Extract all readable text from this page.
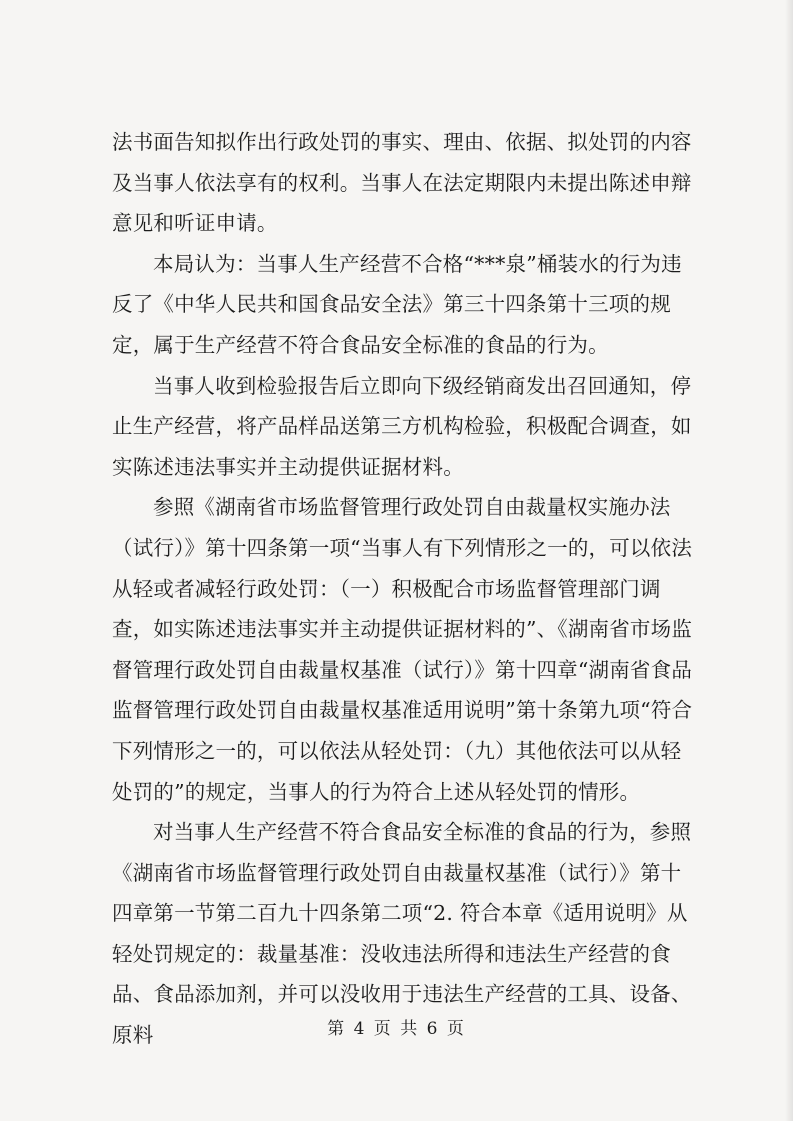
法书面告知拟作出行政处罚的事实、理由、依据、拟处罚的内容及当事人依法享有的权利。当事人在法定期限内未提出陈述申辩意见和听证申请。

本局认为：当事人生产经营不合格“***泉”桶装水的行为违反了《中华人民共和国食品安全法》第三十四条第十三项的规定，属于生产经营不符合食品安全标准的食品的行为。

当事人收到检验报告后立即向下级经销商发出召回通知，停止生产经营，将产品样品送第三方机构检验，积极配合调查，如实陈述违法事实并主动提供证据材料。

参照《湖南省市场监督管理行政处罚自由裁量权实施办法（试行）》第十四条第一项“当事人有下列情形之一的，可以依法从轻或者减轻行政处罚：（一）积极配合市场监督管理部门调查，如实陈述违法事实并主动提供证据材料的”、《湖南省市场监督管理行政处罚自由裁量权基准（试行）》第十四章“湖南省食品监督管理行政处罚自由裁量权基准适用说明”第十条第九项“符合下列情形之一的，可以依法从轻处罚：（九）其他依法可以从轻处罚的”的规定，当事人的行为符合上述从轻处罚的情形。

对当事人生产经营不符合食品安全标准的食品的行为，参照《湖南省市场监督管理行政处罚自由裁量权基准（试行）》第十四章第一节第二百九十四条第二项“2. 符合本章《适用说明》从轻处罚规定的：裁量基准：没收违法所得和违法生产经营的食品、食品添加剂，并可以没收用于违法生产经营的工具、设备、原料	第 4 页 共 6 页
